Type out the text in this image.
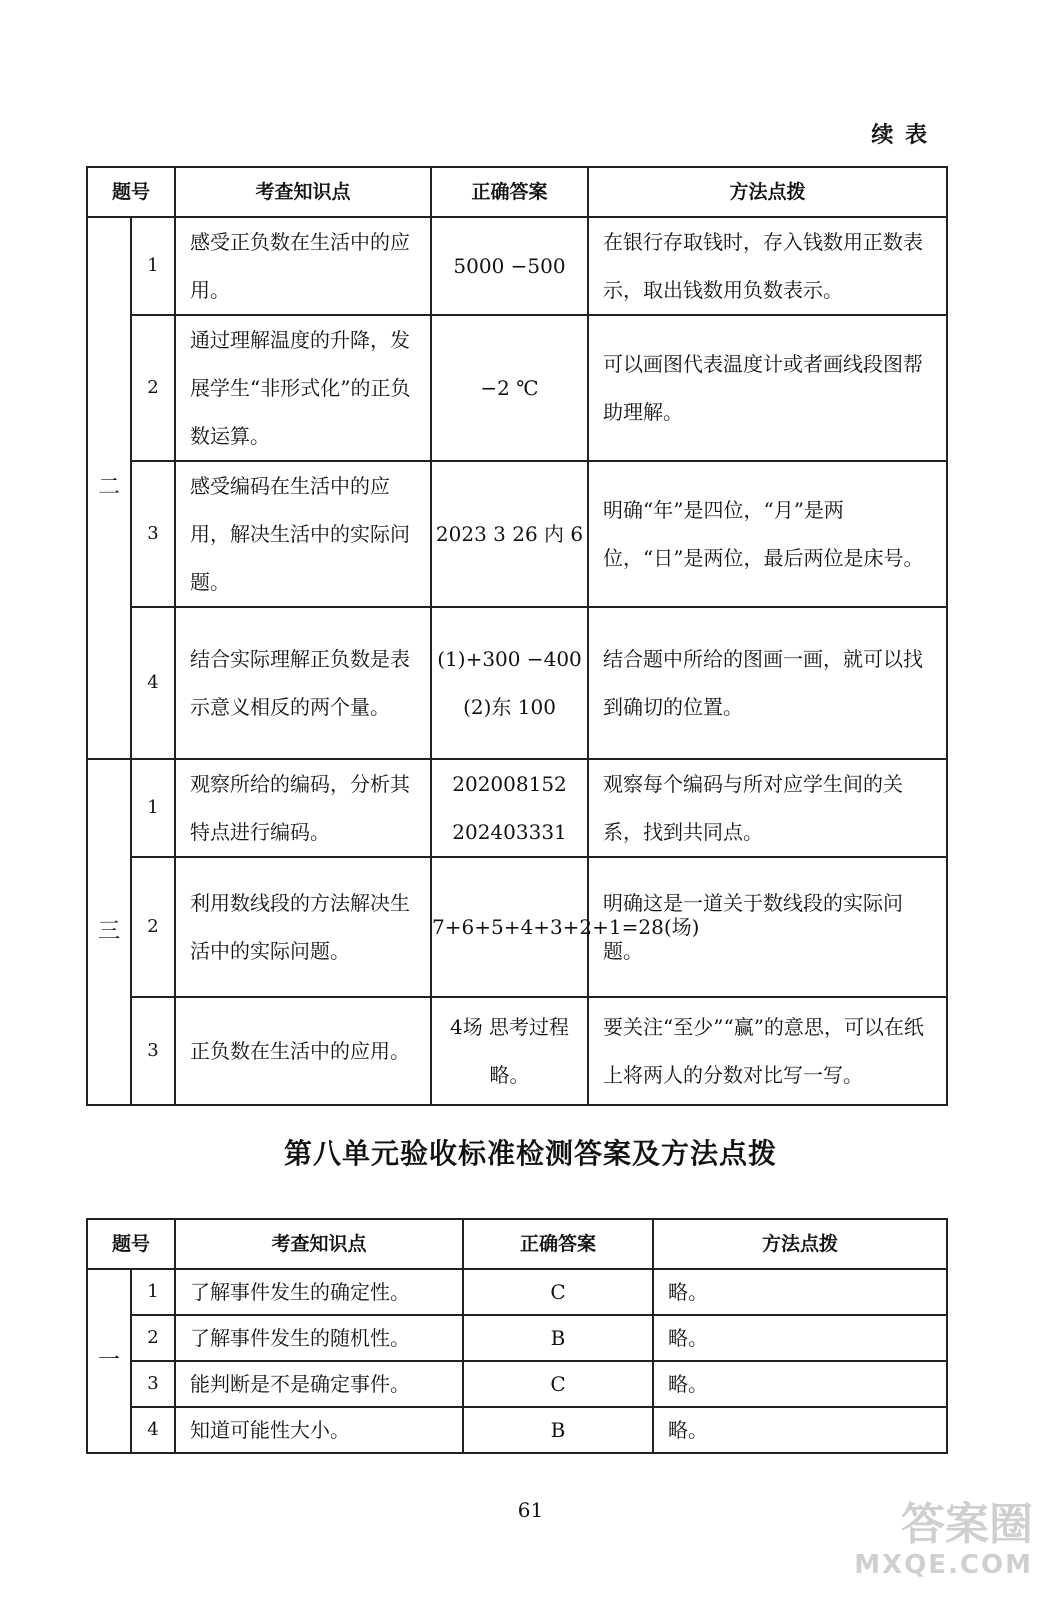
续 表
题号		考查知识点	正确答案	方法点拨
二	1	感受正负数在生活中的应用。	5000 −500	在银行存取钱时，存入钱数用正数表示，取出钱数用负数表示。
	2	通过理解温度的升降，发展学生“非形式化”的正负数运算。	−2 ℃	可以画图代表温度计或者画线段图帮助理解。
	3	感受编码在生活中的应用，解决生活中的实际问题。	2023 3 26 内 6	明确“年”是四位，“月”是两位，“日”是两位，最后两位是床号。
	4	结合实际理解正负数是表示意义相反的两个量。	(1)+300 −400 (2)东 100	结合题中所给的图画一画，就可以找到确切的位置。
三	1	观察所给的编码，分析其特点进行编码。	202008152 202403331	观察每个编码与所对应学生间的关系，找到共同点。
	2	利用数线段的方法解决生活中的实际问题。	7+6+5+4+3+2+1=28(场)	明确这是一道关于数线段的实际问题。
	3	正负数在生活中的应用。	4场 思考过程略。	要关注“至少”“赢”的意思，可以在纸上将两人的分数对比写一写。
第八单元验收标准检测答案及方法点拨
题号		考查知识点	正确答案	方法点拨
一	1	了解事件发生的确定性。	C	略。
	2	了解事件发生的随机性。	B	略。
	3	能判断是不是确定事件。	C	略。
	4	知道可能性大小。	B	略。
61	答案圈
MXQE.COM
